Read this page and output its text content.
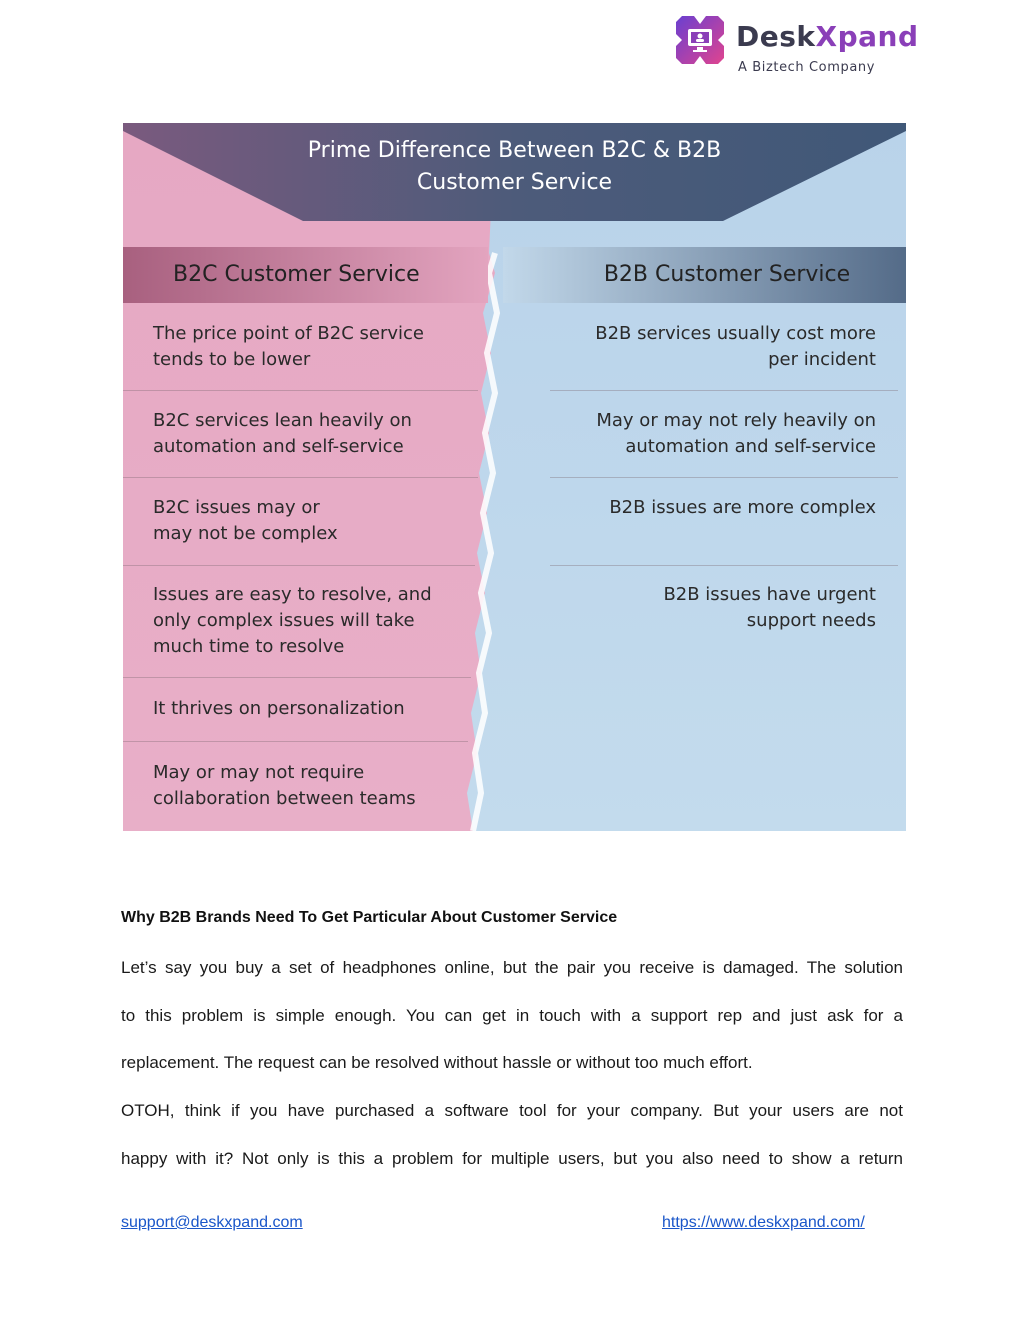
DeskXpand
A Biztech Company
Prime Difference Between B2C & B2B
Customer Service
B2C Customer Service	B2B Customer Service
The price point of B2C service
tends to be lower
B2C services lean heavily on
automation and self-service
B2C issues may or
may not be complex
Issues are easy to resolve, and
only complex issues will take
much time to resolve
It thrives on personalization
May or may not require
collaboration between teams
B2B services usually cost more
per incident
May or may not rely heavily on
automation and self-service
B2B issues are more complex
B2B issues have urgent
support needs
Why B2B Brands Need To Get Particular About Customer Service
Let’s say you buy a set of headphones online, but the pair you receive is damaged. The solution
to this problem is simple enough. You can get in touch with a support rep and just ask for a
replacement. The request can be resolved without hassle or without too much effort.
OTOH, think if you have purchased a software tool for your company. But your users are not
happy with it? Not only is this a problem for multiple users, but you also need to show a return
support@deskxpand.com	https://www.deskxpand.com/
